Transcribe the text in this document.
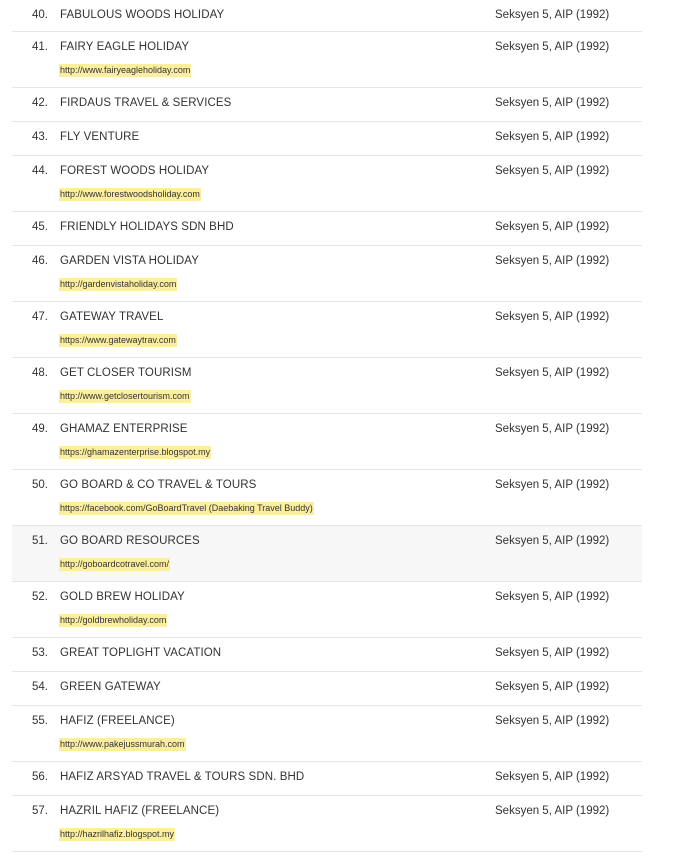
40. FABULOUS WOODS HOLIDAY	Seksyen 5, AIP (1992)
41. FAIRY EAGLE HOLIDAY	Seksyen 5, AIP (1992)
http://www.fairyeagleholiday.com
42. FIRDAUS TRAVEL & SERVICES	Seksyen 5, AIP (1992)
43. FLY VENTURE	Seksyen 5, AIP (1992)
44. FOREST WOODS HOLIDAY	Seksyen 5, AIP (1992)
http://www.forestwoodsholiday.com
45. FRIENDLY HOLIDAYS SDN BHD	Seksyen 5, AIP (1992)
46. GARDEN VISTA HOLIDAY	Seksyen 5, AIP (1992)
http://gardenvistaholiday.com
47. GATEWAY TRAVEL	Seksyen 5, AIP (1992)
https://www.gatewaytrav.com
48. GET CLOSER TOURISM	Seksyen 5, AIP (1992)
http://www.getclosertourism.com
49. GHAMAZ ENTERPRISE	Seksyen 5, AIP (1992)
https://ghamazenterprise.blogspot.my
50. GO BOARD & CO TRAVEL & TOURS	Seksyen 5, AIP (1992)
https://facebook.com/GoBoardTravel (Daebaking Travel Buddy)
51. GO BOARD RESOURCES	Seksyen 5, AIP (1992)
http://goboardcotravel.com/
52. GOLD BREW HOLIDAY	Seksyen 5, AIP (1992)
http://goldbrewholiday.com
53. GREAT TOPLIGHT VACATION	Seksyen 5, AIP (1992)
54. GREEN GATEWAY	Seksyen 5, AIP (1992)
55. HAFIZ (FREELANCE)	Seksyen 5, AIP (1992)
http://www.pakejussmurah.com
56. HAFIZ ARSYAD TRAVEL & TOURS SDN. BHD	Seksyen 5, AIP (1992)
57. HAZRIL HAFIZ (FREELANCE)	Seksyen 5, AIP (1992)
http://hazrilhafiz.blogspot.my
